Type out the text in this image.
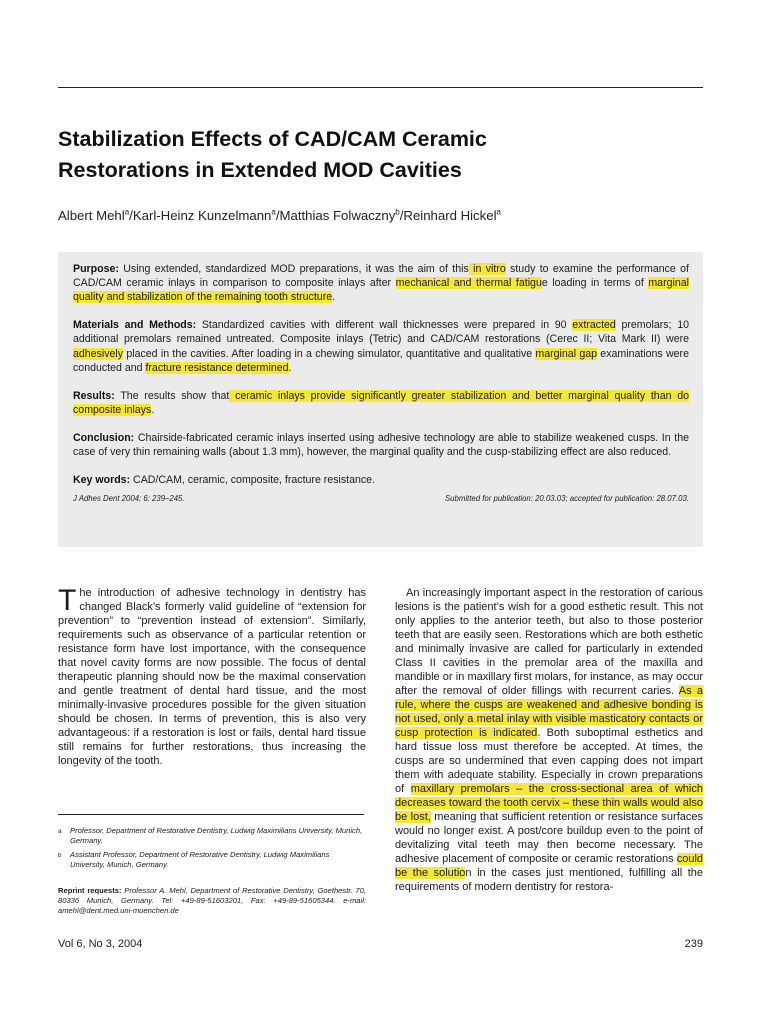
Stabilization Effects of CAD/CAM Ceramic
Restorations in Extended MOD Cavities

Albert Mehl$^a$/Karl-Heinz Kunzelmann$^a$/Matthias Folwaczny$^b$/Reinhard Hickel$^a$

Purpose: Using extended, standardized MOD preparations, it was the aim of this in vitro study to examine the performance of CAD/CAM ceramic inlays in comparison to composite inlays after mechanical and thermal fatigue loading in terms of marginal quality and stabilization of the remaining tooth structure.

Materials and Methods: Standardized cavities with different wall thicknesses were prepared in 90 extracted premolars; 10 additional premolars remained untreated. Composite inlays (Tetric) and CAD/CAM restorations (Cerec II; Vita Mark II) were adhesively placed in the cavities. After loading in a chewing simulator, quantitative and qualitative marginal gap examinations were conducted and fracture resistance determined.

Results: The results show that ceramic inlays provide significantly greater stabilization and better marginal quality than do composite inlays.

Conclusion: Chairside-fabricated ceramic inlays inserted using adhesive technology are able to stabilize weakened cusps. In the case of very thin remaining walls (about 1.3 mm), however, the marginal quality and the cusp-stabilizing effect are also reduced.

Key words: CAD/CAM, ceramic, composite, fracture resistance.

J Adhes Dent 2004; 6: 239–245.	Submitted for publication: 20.03.03; accepted for publication: 28.07.03.

The introduction of adhesive technology in dentistry has changed Black’s formerly valid guideline of “extension for prevention” to “prevention instead of extension”. Similarly, requirements such as observance of a particular retention or resistance form have lost importance, with the consequence that novel cavity forms are now possible. The focus of dental therapeutic planning should now be the maximal conservation and gentle treatment of dental hard tissue, and the most minimally-invasive procedures possible for the given situation should be chosen. In terms of prevention, this is also very advantageous: if a restoration is lost or fails, dental hard tissue still remains for further restorations, thus increasing the longevity of the tooth.

An increasingly important aspect in the restoration of carious lesions is the patient’s wish for a good esthetic result. This not only applies to the anterior teeth, but also to those posterior teeth that are easily seen. Restorations which are both esthetic and minimally invasive are called for particularly in extended Class II cavities in the premolar area of the maxilla and mandible or in maxillary first molars, for instance, as may occur after the removal of older fillings with recurrent caries. As a rule, where the cusps are weakened and adhesive bonding is not used, only a metal inlay with visible masticatory contacts or cusp protection is indicated. Both suboptimal esthetics and hard tissue loss must therefore be accepted. At times, the cusps are so undermined that even capping does not impart them with adequate stability. Especially in crown preparations of maxillary premolars – the cross-sectional area of which decreases toward the tooth cervix – these thin walls would also be lost, meaning that sufficient retention or resistance surfaces would no longer exist. A post/core buildup even to the point of devitalizing vital teeth may then become necessary. The adhesive placement of composite or ceramic restorations could be the solution in the cases just mentioned, fulfilling all the requirements of modern dentistry for restora-

a	Professor, Department of Restorative Dentistry, Ludwig Maximilians University, Munich, Germany.
b	Assistant Professor, Department of Restorative Dentistry, Ludwig Maximilians University, Munich, Germany.
Reprint requests: Professor A. Mehl, Department of Restorative Dentistry, Goethestr. 70, 80336 Munich, Germany. Tel: +49-89-51603201, Fax: +49-89-51605344. e-mail: amehl@dent.med.uni-muenchen.de
Vol 6, No 3, 2004	239
